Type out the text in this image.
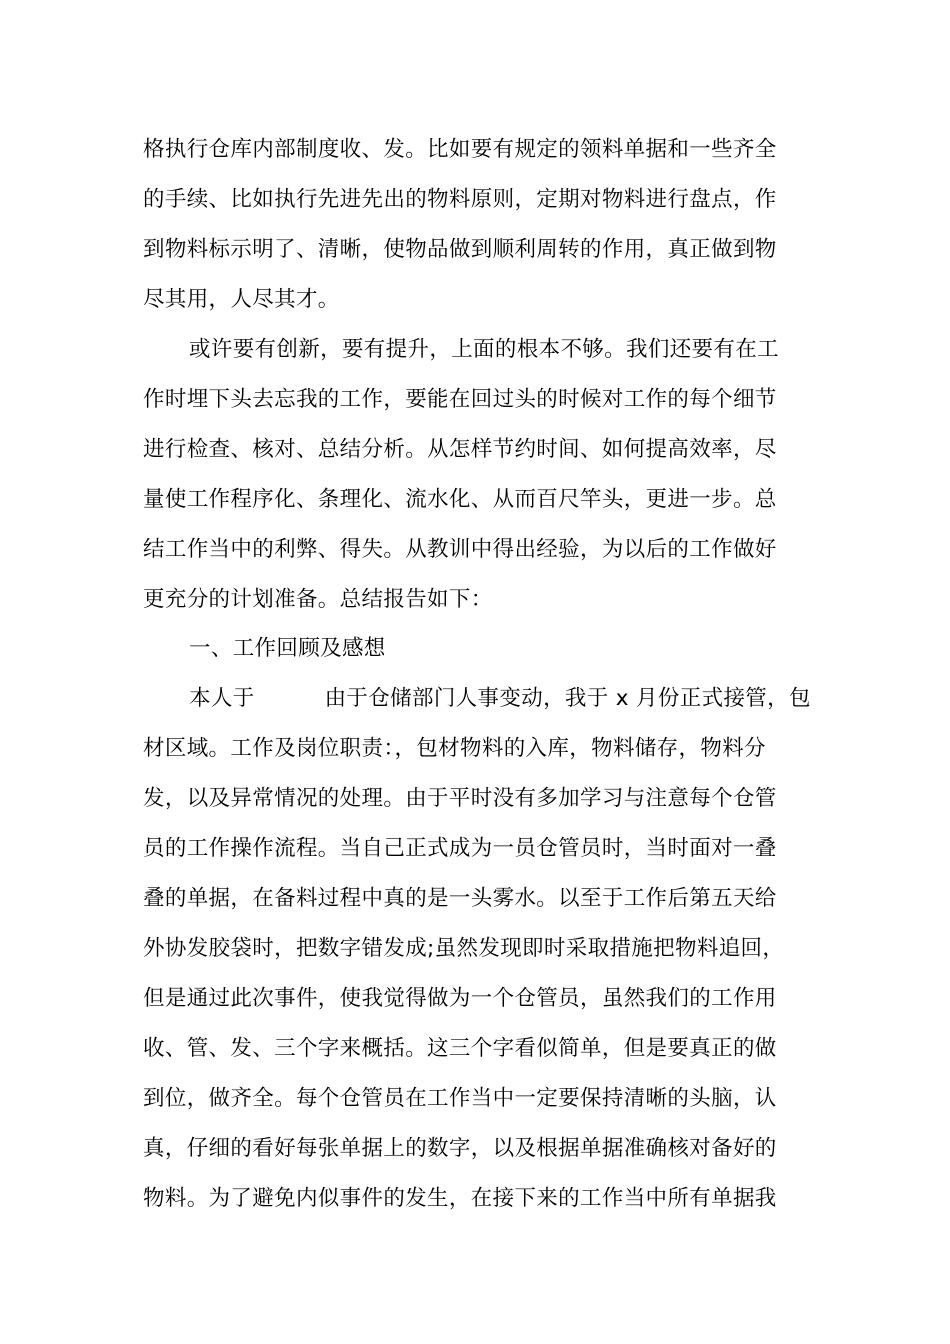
格执行仓库内部制度收、发。比如要有规定的领料单据和一些齐全
的手续、比如执行先进先出的物料原则，定期对物料进行盘点，作
到物料标示明了、清晰，使物品做到顺利周转的作用，真正做到物
尽其用，人尽其才。
或许要有创新，要有提升，上面的根本不够。我们还要有在工
作时埋下头去忘我的工作，要能在回过头的时候对工作的每个细节
进行检查、核对、总结分析。从怎样节约时间、如何提高效率，尽
量使工作程序化、条理化、流水化、从而百尺竿头，更进一步。总
结工作当中的利弊、得失。从教训中得出经验，为以后的工作做好
更充分的计划准备。总结报告如下：
一、工作回顾及感想
本人于	由于仓储部门人事变动，我于 x 月份正式接管，包
材区域。工作及岗位职责：，包材物料的入库，物料储存，物料分
发，以及异常情况的处理。由于平时没有多加学习与注意每个仓管
员的工作操作流程。当自己正式成为一员仓管员时，当时面对一叠
叠的单据，在备料过程中真的是一头雾水。以至于工作后第五天给
外协发胶袋时，把数字错发成;虽然发现即时采取措施把物料追回，
但是通过此次事件，使我觉得做为一个仓管员，虽然我们的工作用
收、管、发、三个字来概括。这三个字看似简单，但是要真正的做
到位，做齐全。每个仓管员在工作当中一定要保持清晰的头脑，认
真，仔细的看好每张单据上的数字，以及根据单据准确核对备好的
物料。为了避免内似事件的发生，在接下来的工作当中所有单据我
